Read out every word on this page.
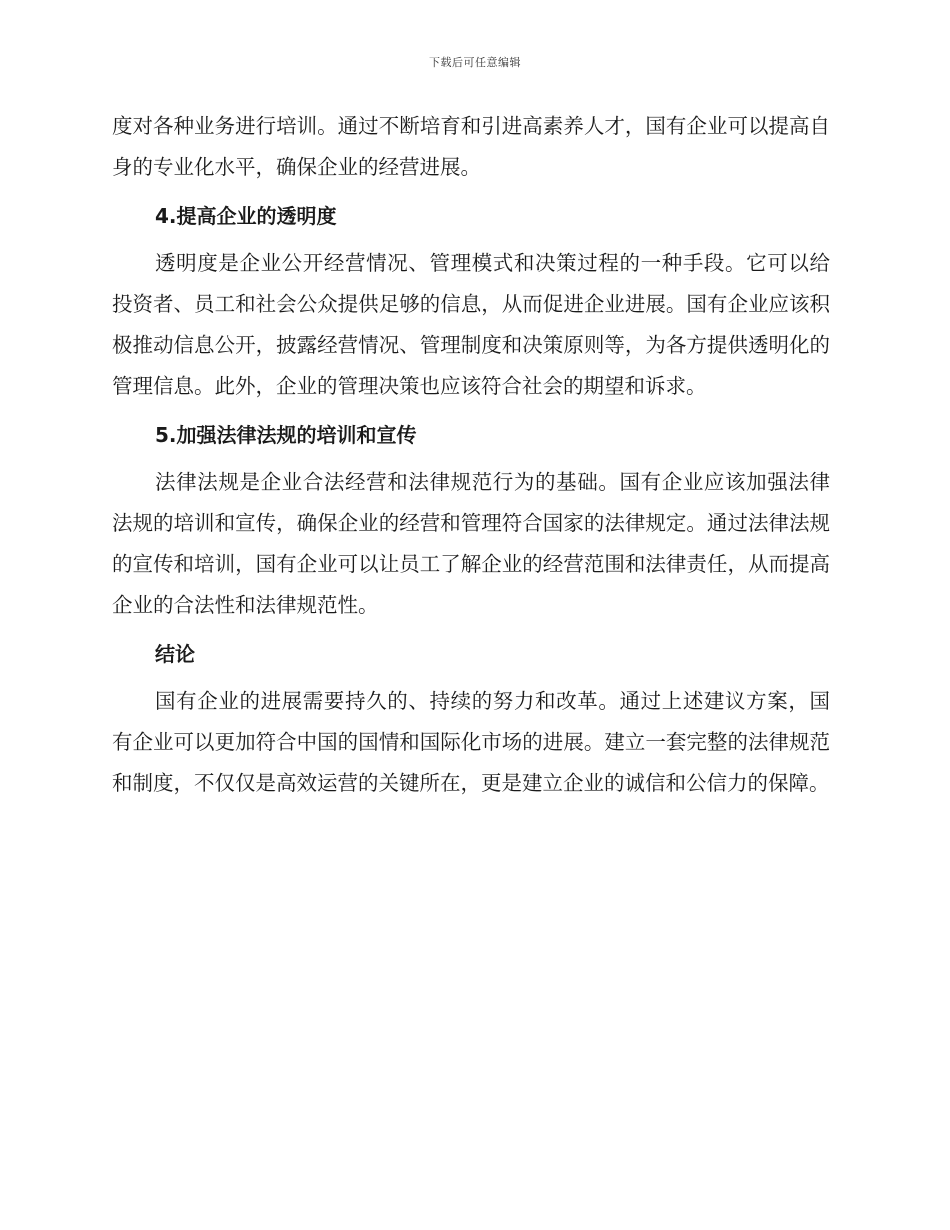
下载后可任意编辑

度对各种业务进行培训。通过不断培育和引进高素养人才，国有企业可以提高自身的专业化水平，确保企业的经营进展。

4.提高企业的透明度

透明度是企业公开经营情况、管理模式和决策过程的一种手段。它可以给投资者、员工和社会公众提供足够的信息，从而促进企业进展。国有企业应该积极推动信息公开，披露经营情况、管理制度和决策原则等，为各方提供透明化的管理信息。此外，企业的管理决策也应该符合社会的期望和诉求。

5.加强法律法规的培训和宣传

法律法规是企业合法经营和法律规范行为的基础。国有企业应该加强法律法规的培训和宣传，确保企业的经营和管理符合国家的法律规定。通过法律法规的宣传和培训，国有企业可以让员工了解企业的经营范围和法律责任，从而提高企业的合法性和法律规范性。

结论

国有企业的进展需要持久的、持续的努力和改革。通过上述建议方案，国有企业可以更加符合中国的国情和国际化市场的进展。建立一套完整的法律规范和制度，不仅仅是高效运营的关键所在，更是建立企业的诚信和公信力的保障。
